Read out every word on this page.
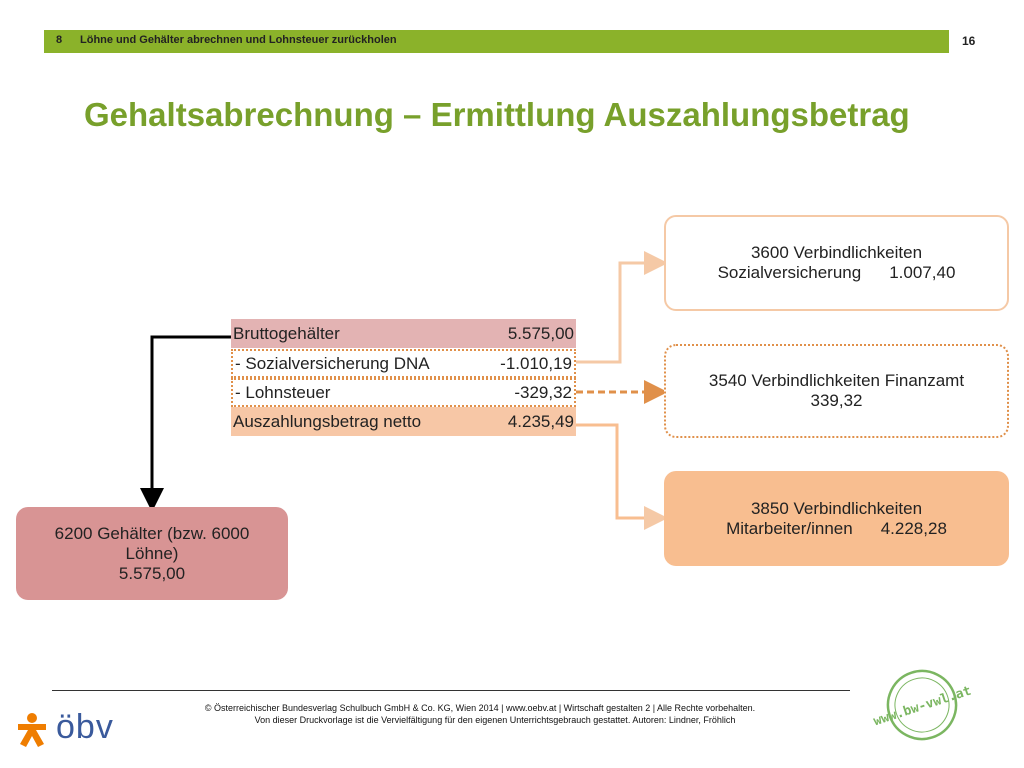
8 Löhne und Gehälter abrechnen und Lohnsteuer zurückholen	16
Gehaltsabrechnung – Ermittlung Auszahlungsbetrag
Bruttogehälter	5.575,00
- Sozialversicherung DNA	-1.010,19
- Lohnsteuer	-329,32
Auszahlungsbetrag netto	4.235,49
3600 Verbindlichkeiten
Sozialversicherung 1.007,40
3540 Verbindlichkeiten Finanzamt
339,32
3850 Verbindlichkeiten
Mitarbeiter/innen 4.228,28
6200 Gehälter (bzw. 6000
Löhne)
5.575,00
öbv	© Österreichischer Bundesverlag Schulbuch GmbH & Co. KG, Wien 2014 | www.oebv.at | Wirtschaft gestalten 2 | Alle Rechte vorbehalten.
Von dieser Druckvorlage ist die Vervielfältigung für den eigenen Unterrichtsgebrauch gestattet. Autoren: Lindner, Fröhlich	www.bw-vwl.at
